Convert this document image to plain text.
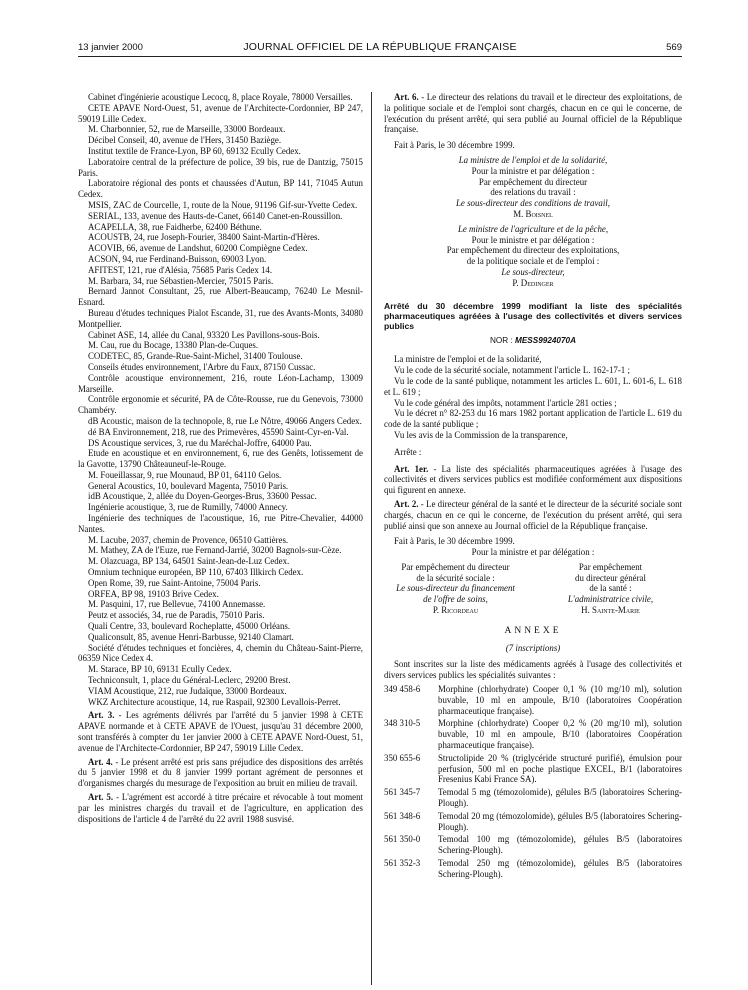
13 janvier 2000	JOURNAL OFFICIEL DE LA RÉPUBLIQUE FRANÇAISE	569

Cabinet d'ingénierie acoustique Lecocq, 8, place Royale, 78000 Versailles.

CETE APAVE Nord-Ouest, 51, avenue de l'Architecte-Cordonnier, BP 247, 59019 Lille Cedex.

M. Charbonnier, 52, rue de Marseille, 33000 Bordeaux.

Décibel Conseil, 40, avenue de l'Hers, 31450 Baziège.

Institut textile de France-Lyon, BP 60, 69132 Ecully Cedex.

Laboratoire central de la préfecture de police, 39 bis, rue de Dantzig, 75015 Paris.

Laboratoire régional des ponts et chaussées d'Autun, BP 141, 71045 Autun Cedex.

MSIS, ZAC de Courcelle, 1, route de la Noue, 91196 Gif-sur-Yvette Cedex.

SERIAL, 133, avenue des Hauts-de-Canet, 66140 Canet-en-Roussillon.

ACAPELLA, 38, rue Faidherbe, 62400 Béthune.

ACOUSTB, 24, rue Joseph-Fourier, 38400 Saint-Martin-d'Hères.

ACOVIB, 66, avenue de Landshut, 60200 Compiègne Cedex.

ACSON, 94, rue Ferdinand-Buisson, 69003 Lyon.

AFITEST, 121, rue d'Alésia, 75685 Paris Cedex 14.

M. Barbara, 34, rue Sébastien-Mercier, 75015 Paris.

Bernard Jannot Consultant, 25, rue Albert-Beaucamp, 76240 Le Mesnil-Esnard.

Bureau d'études techniques Pialot Escande, 31, rue des Avants-Monts, 34080 Montpellier.

Cabinet ASE, 14, allée du Canal, 93320 Les Pavillons-sous-Bois.

M. Cau, rue du Bocage, 13380 Plan-de-Cuques.

CODETEC, 85, Grande-Rue-Saint-Michel, 31400 Toulouse.

Conseils études environnement, l'Arbre du Faux, 87150 Cussac.

Contrôle acoustique environnement, 216, route Léon-Lachamp, 13009 Marseille.

Contrôle ergonomie et sécurité, PA de Côte-Rousse, rue du Genevois, 73000 Chambéry.

dB Acoustic, maison de la technopole, 8, rue Le Nôtre, 49066 Angers Cedex.

dé BA Environnement, 218, rue des Primevères, 45590 Saint-Cyr-en-Val.

DS Acoustique services, 3, rue du Maréchal-Joffre, 64000 Pau.

Etude en acoustique et en environnement, 6, rue des Genêts, lotissement de la Gavotte, 13790 Châteauneuf-le-Rouge.

M. Foueillassar, 9, rue Mounaud, BP 01, 64110 Gelos.

General Acoustics, 10, boulevard Magenta, 75010 Paris.

idB Acoustique, 2, allée du Doyen-Georges-Brus, 33600 Pessac.

Ingénierie acoustique, 3, rue de Rumilly, 74000 Annecy.

Ingénierie des techniques de l'acoustique, 16, rue Pitre-Chevalier, 44000 Nantes.

M. Lacube, 2037, chemin de Provence, 06510 Gattières.

M. Mathey, ZA de l'Euze, rue Fernand-Jarrié, 30200 Bagnols-sur-Cèze.

M. Olazcuaga, BP 134, 64501 Saint-Jean-de-Luz Cedex.

Omnium technique européen, BP 110, 67403 Illkirch Cedex.

Open Rome, 39, rue Saint-Antoine, 75004 Paris.

ORFEA, BP 98, 19103 Brive Cedex.

M. Pasquini, 17, rue Bellevue, 74100 Annemasse.

Peutz et associés, 34, rue de Paradis, 75010 Paris.

Quali Centre, 33, boulevard Rocheplatte, 45000 Orléans.

Qualiconsult, 85, avenue Henri-Barbusse, 92140 Clamart.

Société d'études techniques et foncières, 4, chemin du Château-Saint-Pierre, 06359 Nice Cedex 4.

M. Starace, BP 10, 69131 Ecully Cedex.

Techniconsult, 1, place du Général-Leclerc, 29200 Brest.

VIAM Acoustique, 212, rue Judaïque, 33000 Bordeaux.

WKZ Architecture acoustique, 14, rue Raspail, 92300 Levallois-Perret.

Art. 3. - Les agréments délivrés par l'arrêté du 5 janvier 1998 à CETE APAVE normande et à CETE APAVE de l'Ouest, jusqu'au 31 décembre 2000, sont transférés à compter du 1er janvier 2000 à CETE APAVE Nord-Ouest, 51, avenue de l'Architecte-Cordonnier, BP 247, 59019 Lille Cedex.

Art. 4. - Le présent arrêté est pris sans préjudice des dispositions des arrêtés du 5 janvier 1998 et du 8 janvier 1999 portant agrément de personnes et d'organismes chargés du mesurage de l'exposition au bruit en milieu de travail.

Art. 5. - L'agrément est accordé à titre précaire et révocable à tout moment par les ministres chargés du travail et de l'agriculture, en application des dispositions de l'article 4 de l'arrêté du 22 avril 1988 susvisé.

Art. 6. - Le directeur des relations du travail et le directeur des exploitations, de la politique sociale et de l'emploi sont chargés, chacun en ce qui le concerne, de l'exécution du présent arrêté, qui sera publié au Journal officiel de la République française.

Fait à Paris, le 30 décembre 1999.

La ministre de l'emploi et de la solidarité,

Pour la ministre et par délégation :

Par empêchement du directeur

des relations du travail :

Le sous-directeur des conditions de travail,

M. Boisnel

Le ministre de l'agriculture et de la pêche,

Pour le ministre et par délégation :

Par empêchement du directeur des exploitations,

de la politique sociale et de l'emploi :

Le sous-directeur,

P. Dedinger

Arrêté du 30 décembre 1999 modifiant la liste des spécialités pharmaceutiques agréées à l'usage des collectivités et divers services publics

NOR : MESS9924070A

La ministre de l'emploi et de la solidarité,

Vu le code de la sécurité sociale, notamment l'article L. 162-17-1 ;

Vu le code de la santé publique, notamment les articles L. 601, L. 601-6, L. 618 et L. 619 ;

Vu le code général des impôts, notamment l'article 281 octies ;

Vu le décret n° 82-253 du 16 mars 1982 portant application de l'article L. 619 du code de la santé publique ;

Vu les avis de la Commission de la transparence,

Arrête :

Art. 1er. - La liste des spécialités pharmaceutiques agréées à l'usage des collectivités et divers services publics est modifiée conformément aux dispositions qui figurent en annexe.

Art. 2. - Le directeur général de la santé et le directeur de la sécurité sociale sont chargés, chacun en ce qui le concerne, de l'exécution du présent arrêté, qui sera publié ainsi que son annexe au Journal officiel de la République française.

Fait à Paris, le 30 décembre 1999.

Pour la ministre et par délégation :

Par empêchement du directeur

de la sécurité sociale :

Le sous-directeur du financement

de l'offre de soins,

P. Ricordeau

Par empêchement

du directeur général

de la santé :

L'administratrice civile,

H. Sainte-Marie

ANNEXE

(7 inscriptions)

Sont inscrites sur la liste des médicaments agréés à l'usage des collectivités et divers services publics les spécialités suivantes :

349 458-6	Morphine (chlorhydrate) Cooper 0,1 % (10 mg/10 ml), solution buvable, 10 ml en ampoule, B/10 (laboratoires Coopération pharmaceutique française).
348 310-5	Morphine (chlorhydrate) Cooper 0,2 % (20 mg/10 ml), solution buvable, 10 ml en ampoule, B/10 (laboratoires Coopération pharmaceutique française).
350 655-6	Structolipide 20 % (triglycéride structuré purifié), émulsion pour perfusion, 500 ml en poche plastique EXCEL, B/1 (laboratoires Fresenius Kabi France SA).
561 345-7	Temodal 5 mg (témozolomide), gélules B/5 (laboratoires Schering-Plough).
561 348-6	Temodal 20 mg (témozolomide), gélules B/5 (laboratoires Schering-Plough).
561 350-0	Temodal 100 mg (témozolomide), gélules B/5 (laboratoires Schering-Plough).
561 352-3	Temodal 250 mg (témozolomide), gélules B/5 (laboratoires Schering-Plough).
